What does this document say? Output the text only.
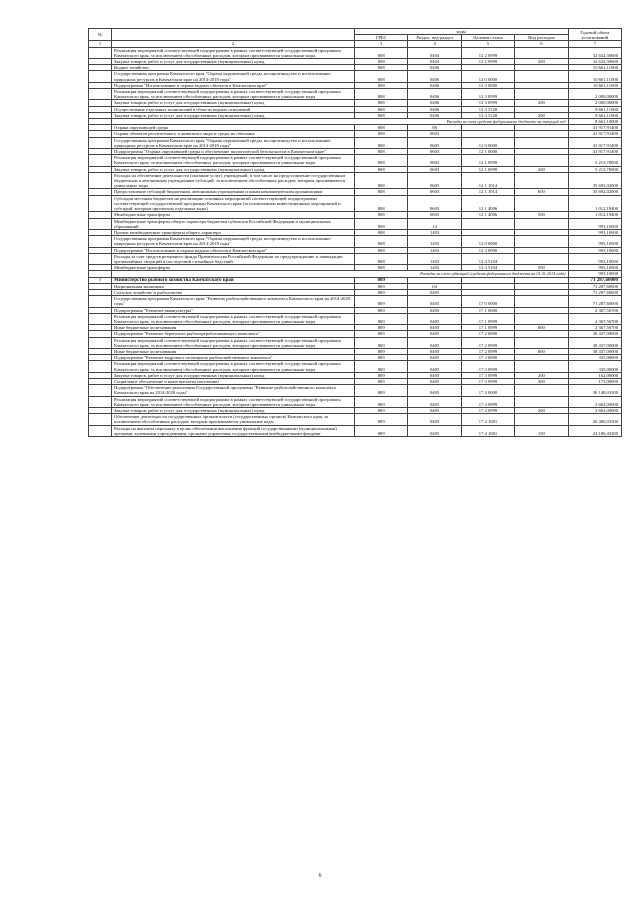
№		коды				Годовой объем ассигнований
		ГРБС	Раздел, под-раздел	Целевая статья	Вид расходов	
1	2	3	4	5	6	7
	Реализация мероприятий соответствующей подпрограммы в рамках соответствующей государственной программы Камчатского края, за исключением обособленных расходов, которым присваиваются уникальные коды	808	0404	12 2 0999		32 632,30600
	Закупка товаров, работ и услуг для государственных (муниципальных) нужд	808	0404	12 2 0999	200	32 632,30600
	Водное хозяйство	808	0406			10 661,11000
	Государственная программа Камчатского края "Охрана окружающей среды, воспроизводство и использование природных ресурсов в Камчатском крае на 2014-2018 годы"	808	0406	12 0 0000		10 661,11000
	Подпрограмма "Использование и охрана водных объектов в Камчатском крае"	808	0406	12 3 0000		10 661,11000
	Реализация мероприятий соответствующей подпрограммы в рамках соответствующей государственной программы Камчатского края, за исключением обособленных расходов, которым присваиваются уникальные коды	808	0406	12 3 0999		2 000,00000
	Закупка товаров, работ и услуг для государственных (муниципальных) нужд	808	0406	12 3 0999	200	2 000,00000
	Осуществление отдельных полномочий в области водных отношений	808	0406	12 3 5128		8 661,11000
	Закупка товаров, работ и услуг для государственных (муниципальных) нужд	808	0406	12 3 5128	200	8 661,11000
	Расходы за счет средств федерального бюджета на текущий год					8 661,10000
	Охрана окружающей среды	808	06			41 917,91400
	Охрана объектов растительного и животного мира и среды их обитания	808	0603			41 917,91400
	Государственная программа Камчатского края "Охрана окружающей среды, воспроизводство и использование природных ресурсов в Камчатском крае на 2014-2018 годы"	808	0603	12 0 0000		41 917,91400
	Подпрограмма "Охрана окружающей среды и обеспечение экологической безопасности в Камчатском крае"	808	0603	12 1 0000		41 917,91400
	Реализация мероприятий соответствующей подпрограммы в рамках соответствующей государственной программы Камчатского края, за исключением обособленных расходов, которым присваиваются уникальные коды	808	0603	12 1 0999		5 213,70000
	Закупка товаров, работ и услуг для государственных (муниципальных) нужд	808	0603	12 1 0999	200	5 213,70000
	Расходы на обеспечение деятельности (оказание услуг) учреждений, в том числе на предоставление государственным бюджетным и автономным учреждениям субсидий, за исключением обособленных расходов, которым присваиваются уникальные коды	808	0603	12 1 1014		35 692,02000
	Предоставление субсидий бюджетным, автономным учреждениям и иным некоммерческим организациям	808	0603	12 1 1014	600	35 692,02000
	Субсидии местным бюджетам на реализацию основных мероприятий соответствующей подпрограммы соответствующей государственной программы Камчатского края (за исключением инвестиционных мероприятий и субсидий, которым присвоены отдельные коды)	808	0603	12 1 4006		1 012,19400
	Межбюджетные трансферты	808	0603	12 1 4006	500	1 012,19400
	Межбюджетные трансферты общего характера бюджетам субъектов Российской Федерации и муниципальных образований	808	14			993,10000
	Прочие межбюджетные трансферты общего характера	808	1403			993,10000
	Государственная программа Камчатского края "Охрана окружающей среды, воспроизводство и использование природных ресурсов в Камчатском крае на 2014-2018 годы"	808	1403	12 0 0000		993,10000
	Подпрограмма "Использование и охрана водных объектов в Камчатском крае"	808	1403	12 3 0000		993,10000
	Расходы за счет средств резервного фонда Правительства Российской Федерации по предупреждению и ликвидации чрезвычайных ситуаций и последствий стихийных бедствий	808	1403	12 3 5104		993,10000
	Межбюджетные трансферты	808	1403	12 3 5104	500	993,10000
	Расходы за счет субвенций (средств федерального бюджета на 01.01.2014 года)					993,10000
7	Министерство рыбного хозяйства Камчатского края	809				71 287,60000
	Национальная экономика	809	04			71 287,60000
	Сельское хозяйство и рыболовство	809	0405			71 287,60000
	Государственная программа Камчатского края "Развитие рыбохозяйственного комплекса Камчатского края на 2014-2020 годы"	809	0405	17 0 0000		71 287,60000
	Подпрограмма "Развитие аквакультуры"	809	0405	17 1 0000		2 367,56700
	Реализация мероприятий соответствующей подпрограммы в рамках соответствующей государственной программы Камчатского края, за исключением обособленных расходов, которым присваиваются уникальные коды	809	0405	17 1 0999		2 367,56700
	Иные бюджетные ассигнования	809	0405	17 1 0999	800	2 367,56700
	Подпрограмма "Развитие берегового рыбоперерабатывающего комплекса"	809	0405	17 2 0000		38 437,00000
	Реализация мероприятий соответствующей подпрограммы в рамках соответствующей государственной программы Камчатского края, за исключением обособленных расходов, которым присваиваются уникальные коды	809	0405	17 2 0999		38 437,00000
	Иные бюджетные ассигнования	809	0405	17 2 0999	800	38 437,00000
	Подпрограмма "Развитие кадрового потенциала рыбохозяйственного комплекса"	809	0405	17 3 0000		335,00000
	Реализация мероприятий соответствующей подпрограммы в рамках соответствующей государственной программы Камчатского края, за исключением обособленных расходов, которым присваиваются уникальные коды	809	0405	17 3 0999		335,00000
	Закупка товаров, работ и услуг для государственных (муниципальных) нужд	809	0405	17 3 0999	200	162,00000
	Социальное обеспечение и иные выплаты населению	809	0405	17 3 0999	300	173,00000
	Подпрограмма "Обеспечение реализации Государственной программы "Развитие рыбохозяйственного комплекса Камчатского края на 2014-2020 годы"	809	0405	17 4 0000		30 148,03300
	Реализация мероприятий соответствующей подпрограммы в рамках соответствующей государственной программы Камчатского края, за исключением обособленных расходов, которым присваиваются уникальные коды	809	0405	17 4 0999		3 662,00000
	Закупка товаров, работ и услуг для государственных (муниципальных) нужд	809	0405	17 4 0999	200	3 662,00000
	Обеспечение деятельности государственных органов власти (государственных органов) Камчатского края, за исключением обособленных расходов, которым присваиваются уникальные коды	809	0405	17 4 1001		26 486,03300
	Расходы на выплаты персоналу в целях обеспечения выполнения функций государственными (муниципальными) органами, казенными учреждениями, органами управления государственными внебюджетными фондами	809	0405	17 4 1001	100	24 186,43300
6
